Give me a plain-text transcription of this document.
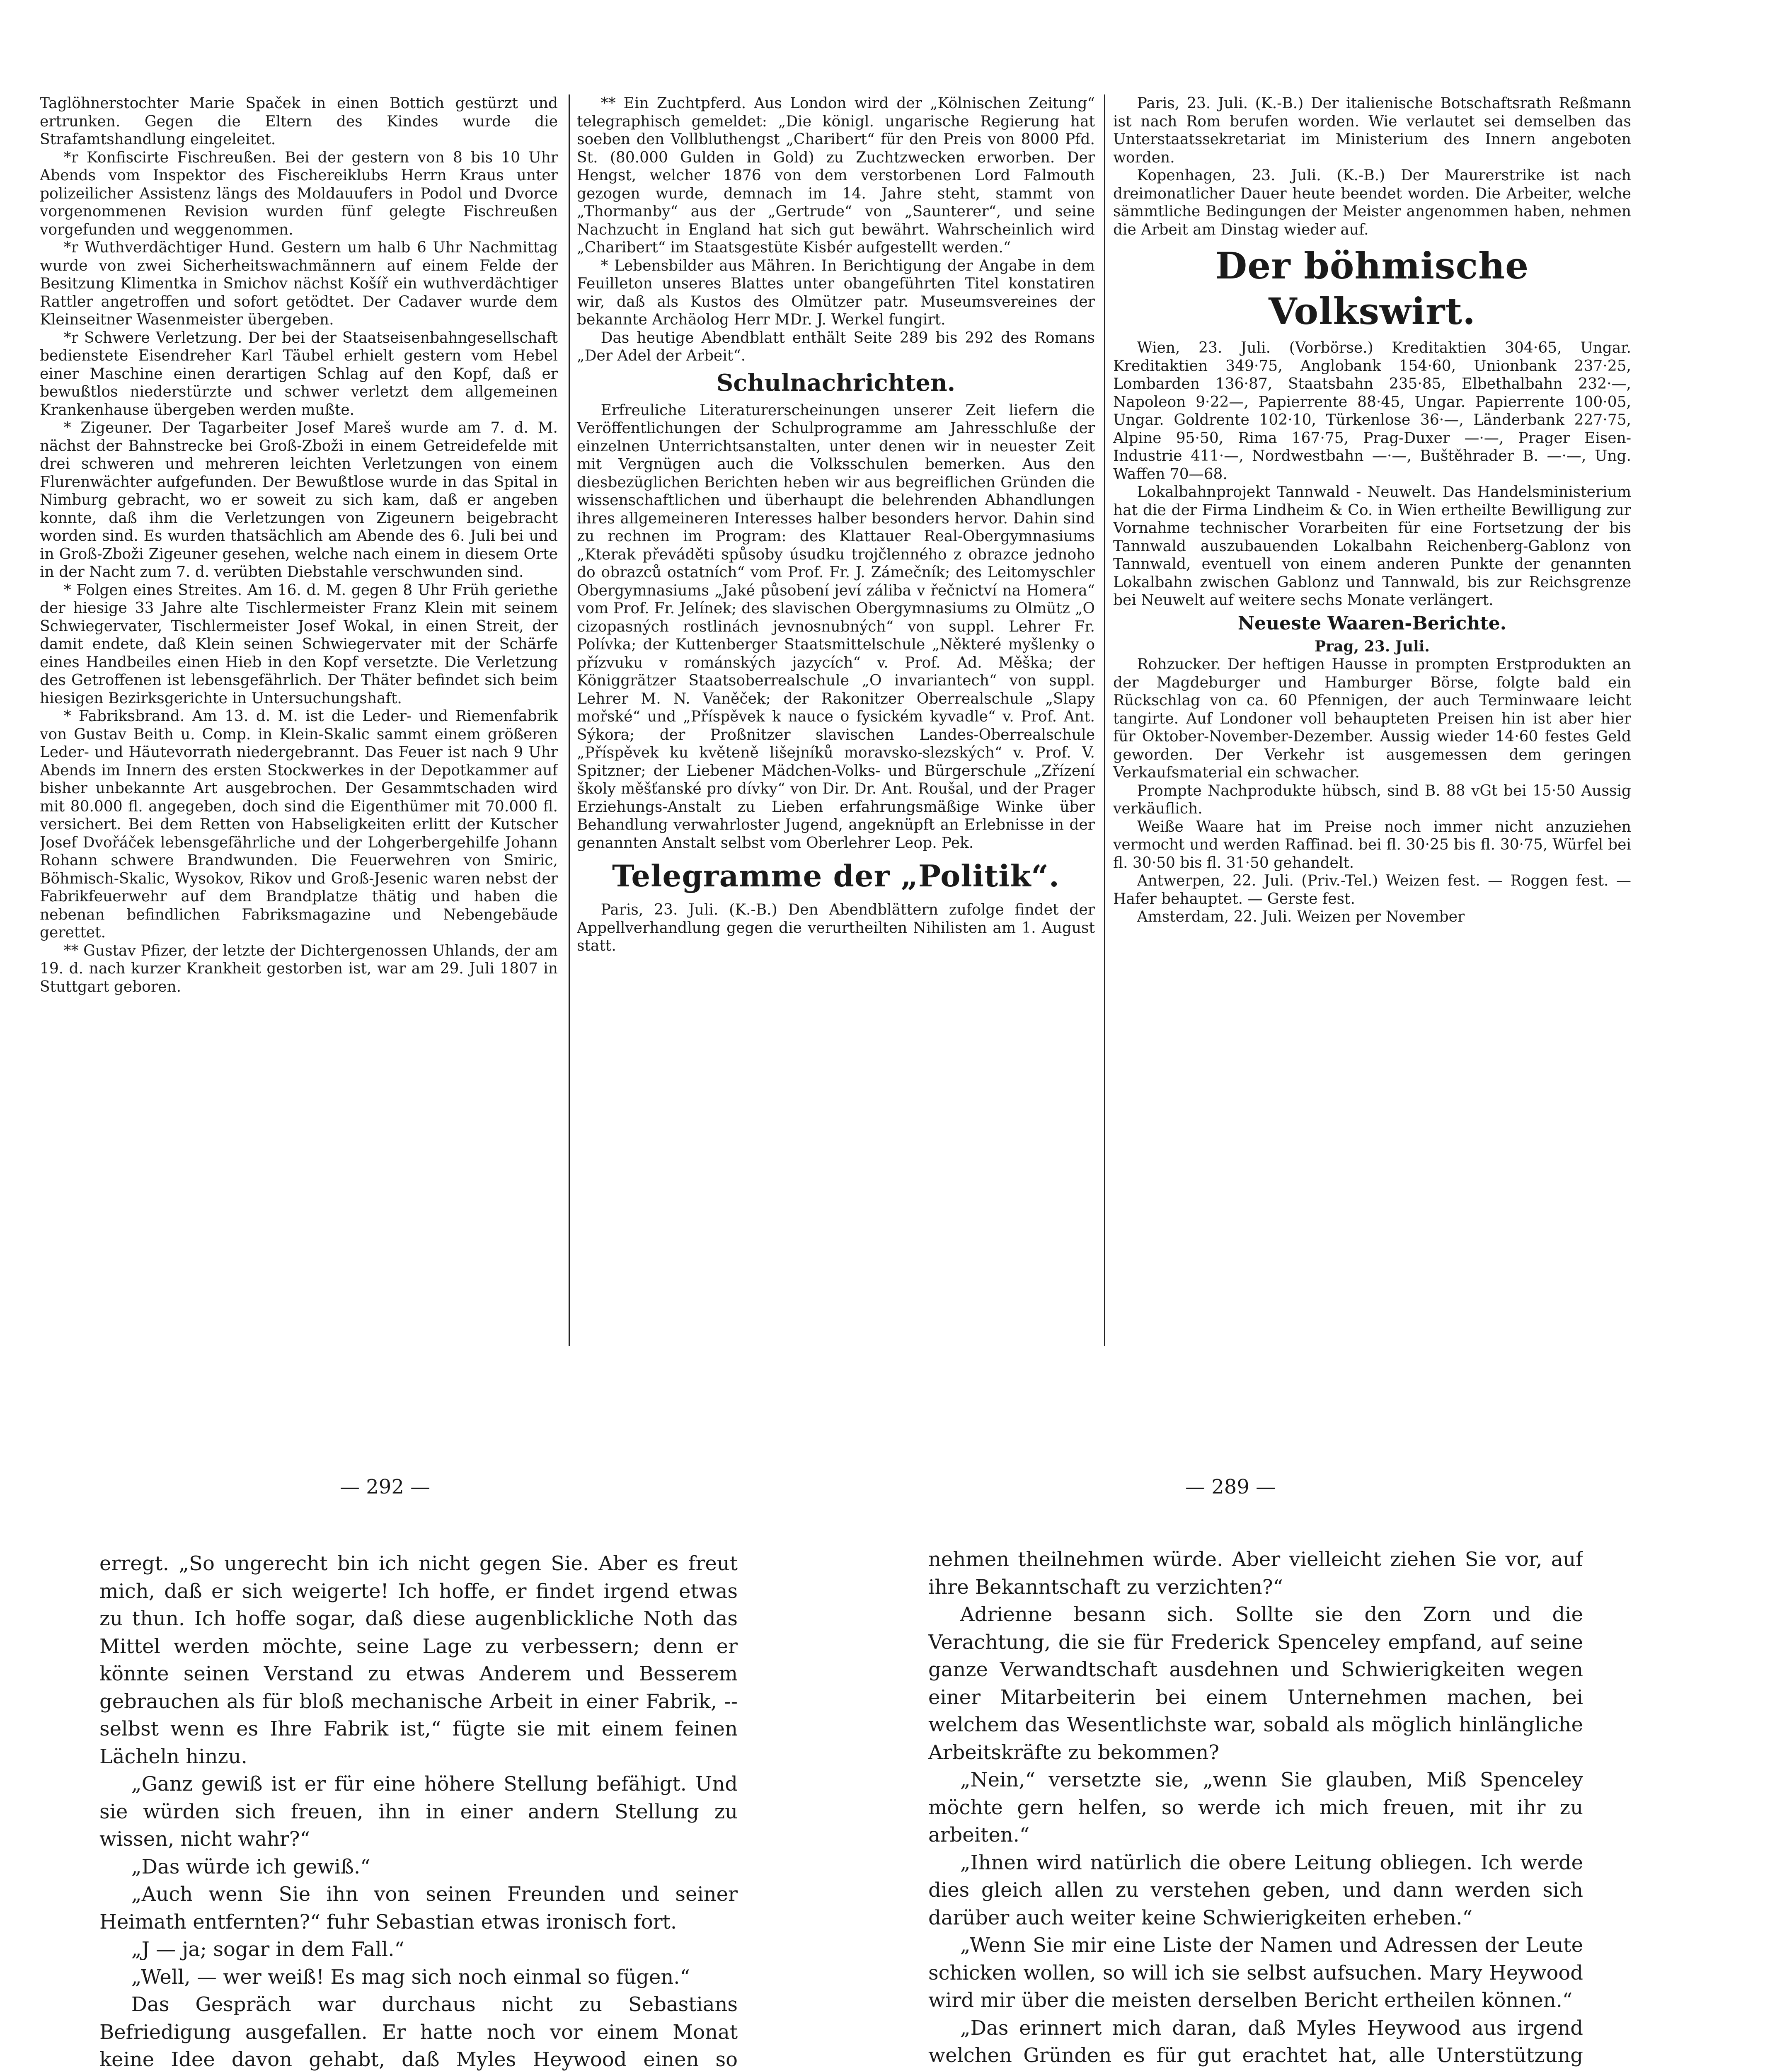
Taglöhnerstochter Marie Spaček in einen Bottich gestürzt und ertrunken. Gegen die Eltern des Kindes wurde die Strafamtshandlung eingeleitet.

*r Konfiscirte Fischreußen. Bei der gestern von 8 bis 10 Uhr Abends vom Inspektor des Fischereiklubs Herrn Kraus unter polizeilicher Assistenz längs des Moldauufers in Podol und Dvorce vorgenommenen Revision wurden fünf gelegte Fischreußen vorgefunden und weggenommen.

*r Wuthverdächtiger Hund. Gestern um halb 6 Uhr Nachmittag wurde von zwei Sicherheitswachmännern auf einem Felde der Besitzung Klimentka in Smichov nächst Košíř ein wuthverdächtiger Rattler angetroffen und sofort getödtet. Der Cadaver wurde dem Kleinseitner Wasenmeister übergeben.

*r Schwere Verletzung. Der bei der Staatseisenbahngesellschaft bedienstete Eisendreher Karl Täubel erhielt gestern vom Hebel einer Maschine einen derartigen Schlag auf den Kopf, daß er bewußtlos niederstürzte und schwer verletzt dem allgemeinen Krankenhause übergeben werden mußte.

* Zigeuner. Der Tagarbeiter Josef Mareš wurde am 7. d. M. nächst der Bahnstrecke bei Groß-Zboži in einem Getreidefelde mit drei schweren und mehreren leichten Verletzungen von einem Flurenwächter aufgefunden. Der Bewußtlose wurde in das Spital in Nimburg gebracht, wo er soweit zu sich kam, daß er angeben konnte, daß ihm die Verletzungen von Zigeunern beigebracht worden sind. Es wurden thatsächlich am Abende des 6. Juli bei und in Groß-Zboži Zigeuner gesehen, welche nach einem in diesem Orte in der Nacht zum 7. d. verübten Diebstahle verschwunden sind.

* Folgen eines Streites. Am 16. d. M. gegen 8 Uhr Früh geriethe der hiesige 33 Jahre alte Tischlermeister Franz Klein mit seinem Schwiegervater, Tischlermeister Josef Wokal, in einen Streit, der damit endete, daß Klein seinen Schwiegervater mit der Schärfe eines Handbeiles einen Hieb in den Kopf versetzte. Die Verletzung des Getroffenen ist lebensgefährlich. Der Thäter befindet sich beim hiesigen Bezirksgerichte in Untersuchungshaft.

* Fabriksbrand. Am 13. d. M. ist die Leder- und Riemenfabrik von Gustav Beith u. Comp. in Klein-Skalic sammt einem größeren Leder- und Häutevorrath niedergebrannt. Das Feuer ist nach 9 Uhr Abends im Innern des ersten Stockwerkes in der Depotkammer auf bisher unbekannte Art ausgebrochen. Der Gesammtschaden wird mit 80.000 fl. angegeben, doch sind die Eigenthümer mit 70.000 fl. versichert. Bei dem Retten von Habseligkeiten erlitt der Kutscher Josef Dvořáček lebensgefährliche und der Lohgerbergehilfe Johann Rohann schwere Brandwunden. Die Feuerwehren von Smiric, Böhmisch-Skalic, Wysokov, Rikov und Groß-Jesenic waren nebst der Fabrikfeuerwehr auf dem Brandplatze thätig und haben die nebenan befindlichen Fabriksmagazine und Nebengebäude gerettet.

** Gustav Pfizer, der letzte der Dichtergenossen Uhlands, der am 19. d. nach kurzer Krankheit gestorben ist, war am 29. Juli 1807 in Stuttgart geboren.

** Ein Zuchtpferd. Aus London wird der „Kölnischen Zeitung“ telegraphisch gemeldet: „Die königl. ungarische Regierung hat soeben den Vollbluthengst „Charibert“ für den Preis von 8000 Pfd. St. (80.000 Gulden in Gold) zu Zuchtzwecken erworben. Der Hengst, welcher 1876 von dem verstorbenen Lord Falmouth gezogen wurde, demnach im 14. Jahre steht, stammt von „Thormanby“ aus der „Gertrude“ von „Saunterer“, und seine Nachzucht in England hat sich gut bewährt. Wahrscheinlich wird „Charibert“ im Staatsgestüte Kisbér aufgestellt werden.“

* Lebensbilder aus Mähren. In Berichtigung der Angabe in dem Feuilleton unseres Blattes unter obangeführten Titel konstatiren wir, daß als Kustos des Olmützer patr. Museumsvereines der bekannte Archäolog Herr MDr. J. Werkel fungirt.

Das heutige Abendblatt enthält Seite 289 bis 292 des Romans „Der Adel der Arbeit“.

Schulnachrichten.

Erfreuliche Literaturerscheinungen unserer Zeit liefern die Veröffentlichungen der Schulprogramme am Jahresschluße der einzelnen Unterrichtsanstalten, unter denen wir in neuester Zeit mit Vergnügen auch die Volksschulen bemerken. Aus den diesbezüglichen Berichten heben wir aus begreiflichen Gründen die wissenschaftlichen und überhaupt die belehrenden Abhandlungen ihres allgemeineren Interesses halber besonders hervor. Dahin sind zu rechnen im Program: des Klattauer Real-Obergymnasiums „Kterak převáděti spůsoby úsudku trojčlenného z obrazce jednoho do obrazců ostatních“ vom Prof. Fr. J. Zámečník; des Leitomyschler Obergymnasiums „Jaké působení jeví záliba v řečnictví na Homera“ vom Prof. Fr. Jelínek; des slavischen Obergymnasiums zu Olmütz „O cizopasných rostlinách jevnosnubných“ von suppl. Lehrer Fr. Polívka; der Kuttenberger Staatsmittelschule „Některé myšlenky o přízvuku v románských jazycích“ v. Prof. Ad. Měška; der Königgrätzer Staatsoberrealschule „O invariantech“ von suppl. Lehrer M. N. Vaněček; der Rakonitzer Oberrealschule „Slapy mořské“ und „Příspěvek k nauce o fysickém kyvadle“ v. Prof. Ant. Sýkora; der Proßnitzer slavischen Landes-Oberrealschule „Příspěvek ku květeně lišejníků moravsko-slezských“ v. Prof. V. Spitzner; der Liebener Mädchen-Volks- und Bürgerschule „Zřízení školy měšťanské pro dívky“ von Dir. Dr. Ant. Roušal, und der Prager Erziehungs-Anstalt zu Lieben erfahrungsmäßige Winke über Behandlung verwahrloster Jugend, angeknüpft an Erlebnisse in der genannten Anstalt selbst vom Oberlehrer Leop. Pek.

Telegramme der „Politik“.

Paris, 23. Juli. (K.-B.) Den Abendblättern zufolge findet der Appellverhandlung gegen die verurtheilten Nihilisten am 1. August statt.

Paris, 23. Juli. (K.-B.) Der italienische Botschaftsrath Reßmann ist nach Rom berufen worden. Wie verlautet sei demselben das Unterstaatssekretariat im Ministerium des Innern angeboten worden.

Kopenhagen, 23. Juli. (K.-B.) Der Maurerstrike ist nach dreimonatlicher Dauer heute beendet worden. Die Arbeiter, welche sämmtliche Bedingungen der Meister angenommen haben, nehmen die Arbeit am Dinstag wieder auf.

Der böhmische Volkswirt.

Wien, 23. Juli. (Vorbörse.) Kreditaktien 304·65, Ungar. Kreditaktien 349·75, Anglobank 154·60, Unionbank 237·25, Lombarden 136·87, Staatsbahn 235·85, Elbethalbahn 232·—, Napoleon 9·22—, Papierrente 88·45, Ungar. Papierrente 100·05, Ungar. Goldrente 102·10, Türkenlose 36·—, Länderbank 227·75, Alpine 95·50, Rima 167·75, Prag-Duxer —·—, Prager Eisen-Industrie 411·—, Nordwestbahn —·—, Buštěhrader B. —·—, Ung. Waffen 70—68.

Lokalbahnprojekt Tannwald - Neuwelt. Das Handelsministerium hat die der Firma Lindheim & Co. in Wien ertheilte Bewilligung zur Vornahme technischer Vorarbeiten für eine Fortsetzung der bis Tannwald auszubauenden Lokalbahn Reichenberg-Gablonz von Tannwald, eventuell von einem anderen Punkte der genannten Lokalbahn zwischen Gablonz und Tannwald, bis zur Reichsgrenze bei Neuwelt auf weitere sechs Monate verlängert.

Neueste Waaren-Berichte.
Prag, 23. Juli.

Rohzucker. Der heftigen Hausse in prompten Erstprodukten an der Magdeburger und Hamburger Börse, folgte bald ein Rückschlag von ca. 60 Pfennigen, der auch Terminwaare leicht tangirte. Auf Londoner voll behaupteten Preisen hin ist aber hier für Oktober-November-Dezember. Aussig wieder 14·60 festes Geld geworden. Der Verkehr ist ausgemessen dem geringen Verkaufsmaterial ein schwacher.

Prompte Nachprodukte hübsch, sind B. 88 vGt bei 15·50 Aussig verkäuflich.

Weiße Waare hat im Preise noch immer nicht anzuziehen vermocht und werden Raffinad. bei fl. 30·25 bis fl. 30·75, Würfel bei fl. 30·50 bis fl. 31·50 gehandelt.

Antwerpen, 22. Juli. (Priv.-Tel.) Weizen fest. — Roggen fest. — Hafer behauptet. — Gerste fest.

Amsterdam, 22. Juli. Weizen per November

— 292 —	— 289 —

erregt. „So ungerecht bin ich nicht gegen Sie. Aber es freut mich, daß er sich weigerte! Ich hoffe, er findet irgend etwas zu thun. Ich hoffe sogar, daß diese augenblickliche Noth das Mittel werden möchte, seine Lage zu verbessern; denn er könnte seinen Verstand zu etwas Anderem und Besserem gebrauchen als für bloß mechanische Arbeit in einer Fabrik, -- selbst wenn es Ihre Fabrik ist,“ fügte sie mit einem feinen Lächeln hinzu.

„Ganz gewiß ist er für eine höhere Stellung befähigt. Und sie würden sich freuen, ihn in einer andern Stellung zu wissen, nicht wahr?“

„Das würde ich gewiß.“

„Auch wenn Sie ihn von seinen Freunden und seiner Heimath entfernten?“ fuhr Sebastian etwas ironisch fort.

„J — ja; sogar in dem Fall.“

„Well, — wer weiß! Es mag sich noch einmal so fügen.“

Das Gespräch war durchaus nicht zu Sebastians Befriedigung ausgefallen. Er hatte noch vor einem Monat keine Idee davon gehabt, daß Myles Heywood einen so

nehmen theilnehmen würde. Aber vielleicht ziehen Sie vor, auf ihre Bekanntschaft zu verzichten?“

Adrienne besann sich. Sollte sie den Zorn und die Verachtung, die sie für Frederick Spenceley empfand, auf seine ganze Verwandtschaft ausdehnen und Schwierigkeiten wegen einer Mitarbeiterin bei einem Unternehmen machen, bei welchem das Wesentlichste war, sobald als möglich hinlängliche Arbeitskräfte zu bekommen?

„Nein,“ versetzte sie, „wenn Sie glauben, Miß Spenceley möchte gern helfen, so werde ich mich freuen, mit ihr zu arbeiten.“

„Ihnen wird natürlich die obere Leitung obliegen. Ich werde dies gleich allen zu verstehen geben, und dann werden sich darüber auch weiter keine Schwierigkeiten erheben.“

„Wenn Sie mir eine Liste der Namen und Adressen der Leute schicken wollen, so will ich sie selbst aufsuchen. Mary Heywood wird mir über die meisten derselben Bericht ertheilen können.“

„Das erinnert mich daran, daß Myles Heywood aus irgend welchen Gründen es für gut erachtet hat, alle Unterstützung
